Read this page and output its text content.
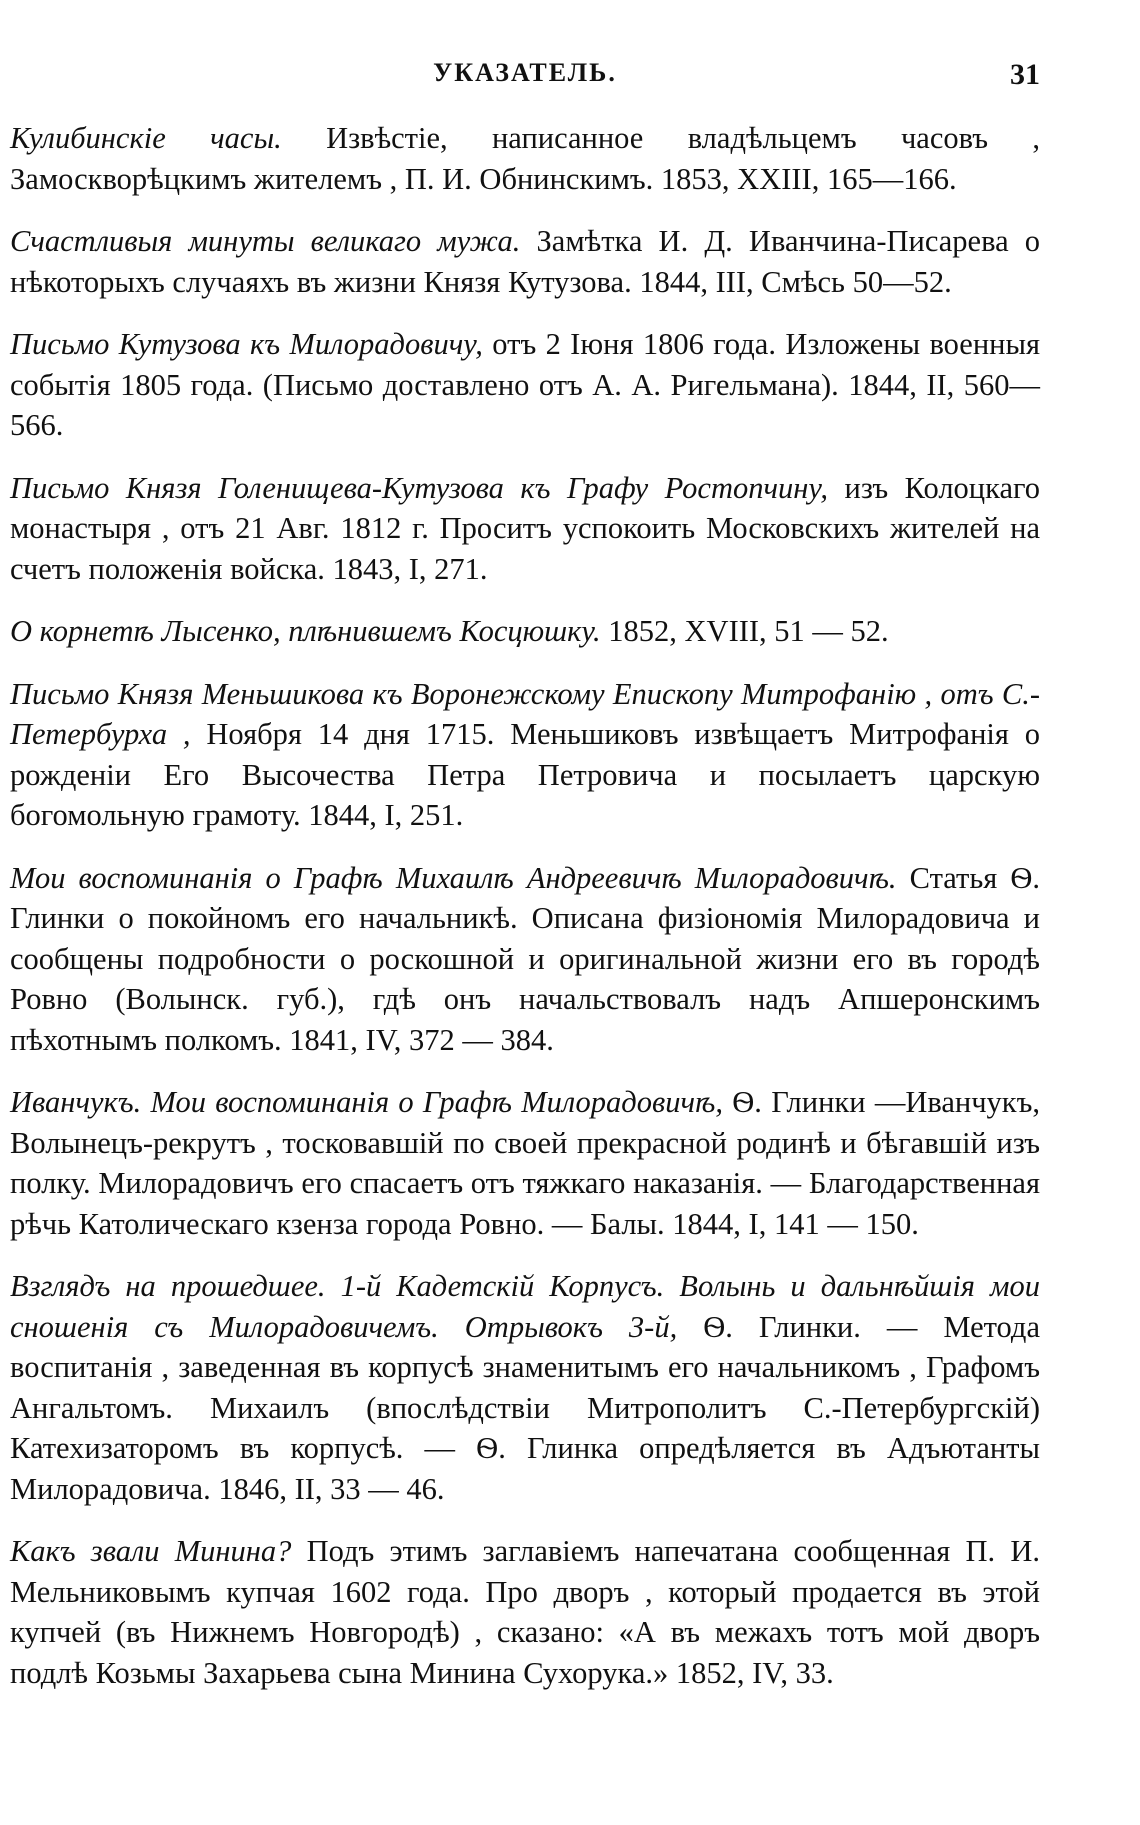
УКАЗАТЕЛЬ.	31

Кулибинскіе часы. Извѣстіе, написанное владѣльцемъ часовъ , Замоскворѣцкимъ жителемъ , П. И. Обнинскимъ. 1853, XXIII, 165—166.

Счастливыя минуты великаго мужа. Замѣтка И. Д. Иванчина-Писарева о нѣкоторыхъ случаяхъ въ жизни Князя Кутузова. 1844, III, Смѣсь 50—52.

Письмо Кутузова къ Милорадовичу, отъ 2 Іюня 1806 года. Изложены военныя событія 1805 года. (Письмо доставлено отъ А. А. Ригельмана). 1844, II, 560—566.

Письмо Князя Голенищева-Кутузова къ Графу Ростопчину, изъ Колоцкаго монастыря , отъ 21 Авг. 1812 г. Проситъ успокоить Московскихъ жителей на счетъ положенія войска. 1843, I, 271.

О корнетѣ Лысенко, плѣнившемъ Косцюшку. 1852, XVIII, 51 — 52.

Письмо Князя Меньшикова къ Воронежскому Епископу Митрофанію , отъ С.-Петербурха , Ноября 14 дня 1715. Меньшиковъ извѣщаетъ Митрофанія о рожденіи Его Высочества Петра Петровича и посылаетъ царскую богомольную грамоту. 1844, I, 251.

Мои воспоминанія о Графѣ Михаилѣ Андреевичѣ Милорадовичѣ. Статья Ѳ. Глинки о покойномъ его начальникѣ. Описана физіономія Милорадовича и сообщены подробности о роскошной и оригинальной жизни его въ городѣ Ровно (Волынск. губ.), гдѣ онъ начальствовалъ надъ Апшеронскимъ пѣхотнымъ полкомъ. 1841, IV, 372 — 384.

Иванчукъ. Мои воспоминанія о Графѣ Милорадовичѣ, Ѳ. Глинки —Иванчукъ, Волынецъ-рекрутъ , тосковавшій по своей прекрасной родинѣ и бѣгавшій изъ полку. Милорадовичъ его спасаетъ отъ тяжкаго наказанія. — Благодарственная рѣчь Католическаго кзенза города Ровно. — Балы. 1844, I, 141 — 150.

Взглядъ на прошедшее. 1-й Кадетскій Корпусъ. Волынь и дальнѣйшія мои сношенія съ Милорадовичемъ. Отрывокъ 3-й, Ѳ. Глинки. — Метода воспитанія , заведенная въ корпусѣ знаменитымъ его начальникомъ , Графомъ Ангальтомъ. Михаилъ (впослѣдствіи Митрополитъ С.-Петербургскій) Катехизаторомъ въ корпусѣ. — Ѳ. Глинка опредѣляется въ Адъютанты Милорадовича. 1846, II, 33 — 46.

Какъ звали Минина? Подъ этимъ заглавіемъ напечатана сообщенная П. И. Мельниковымъ купчая 1602 года. Про дворъ , который продается въ этой купчей (въ Нижнемъ Новгородѣ) , сказано: «А въ межахъ тотъ мой дворъ подлѣ Козьмы Захарьева сына Минина Сухорука.» 1852, IV, 33.
